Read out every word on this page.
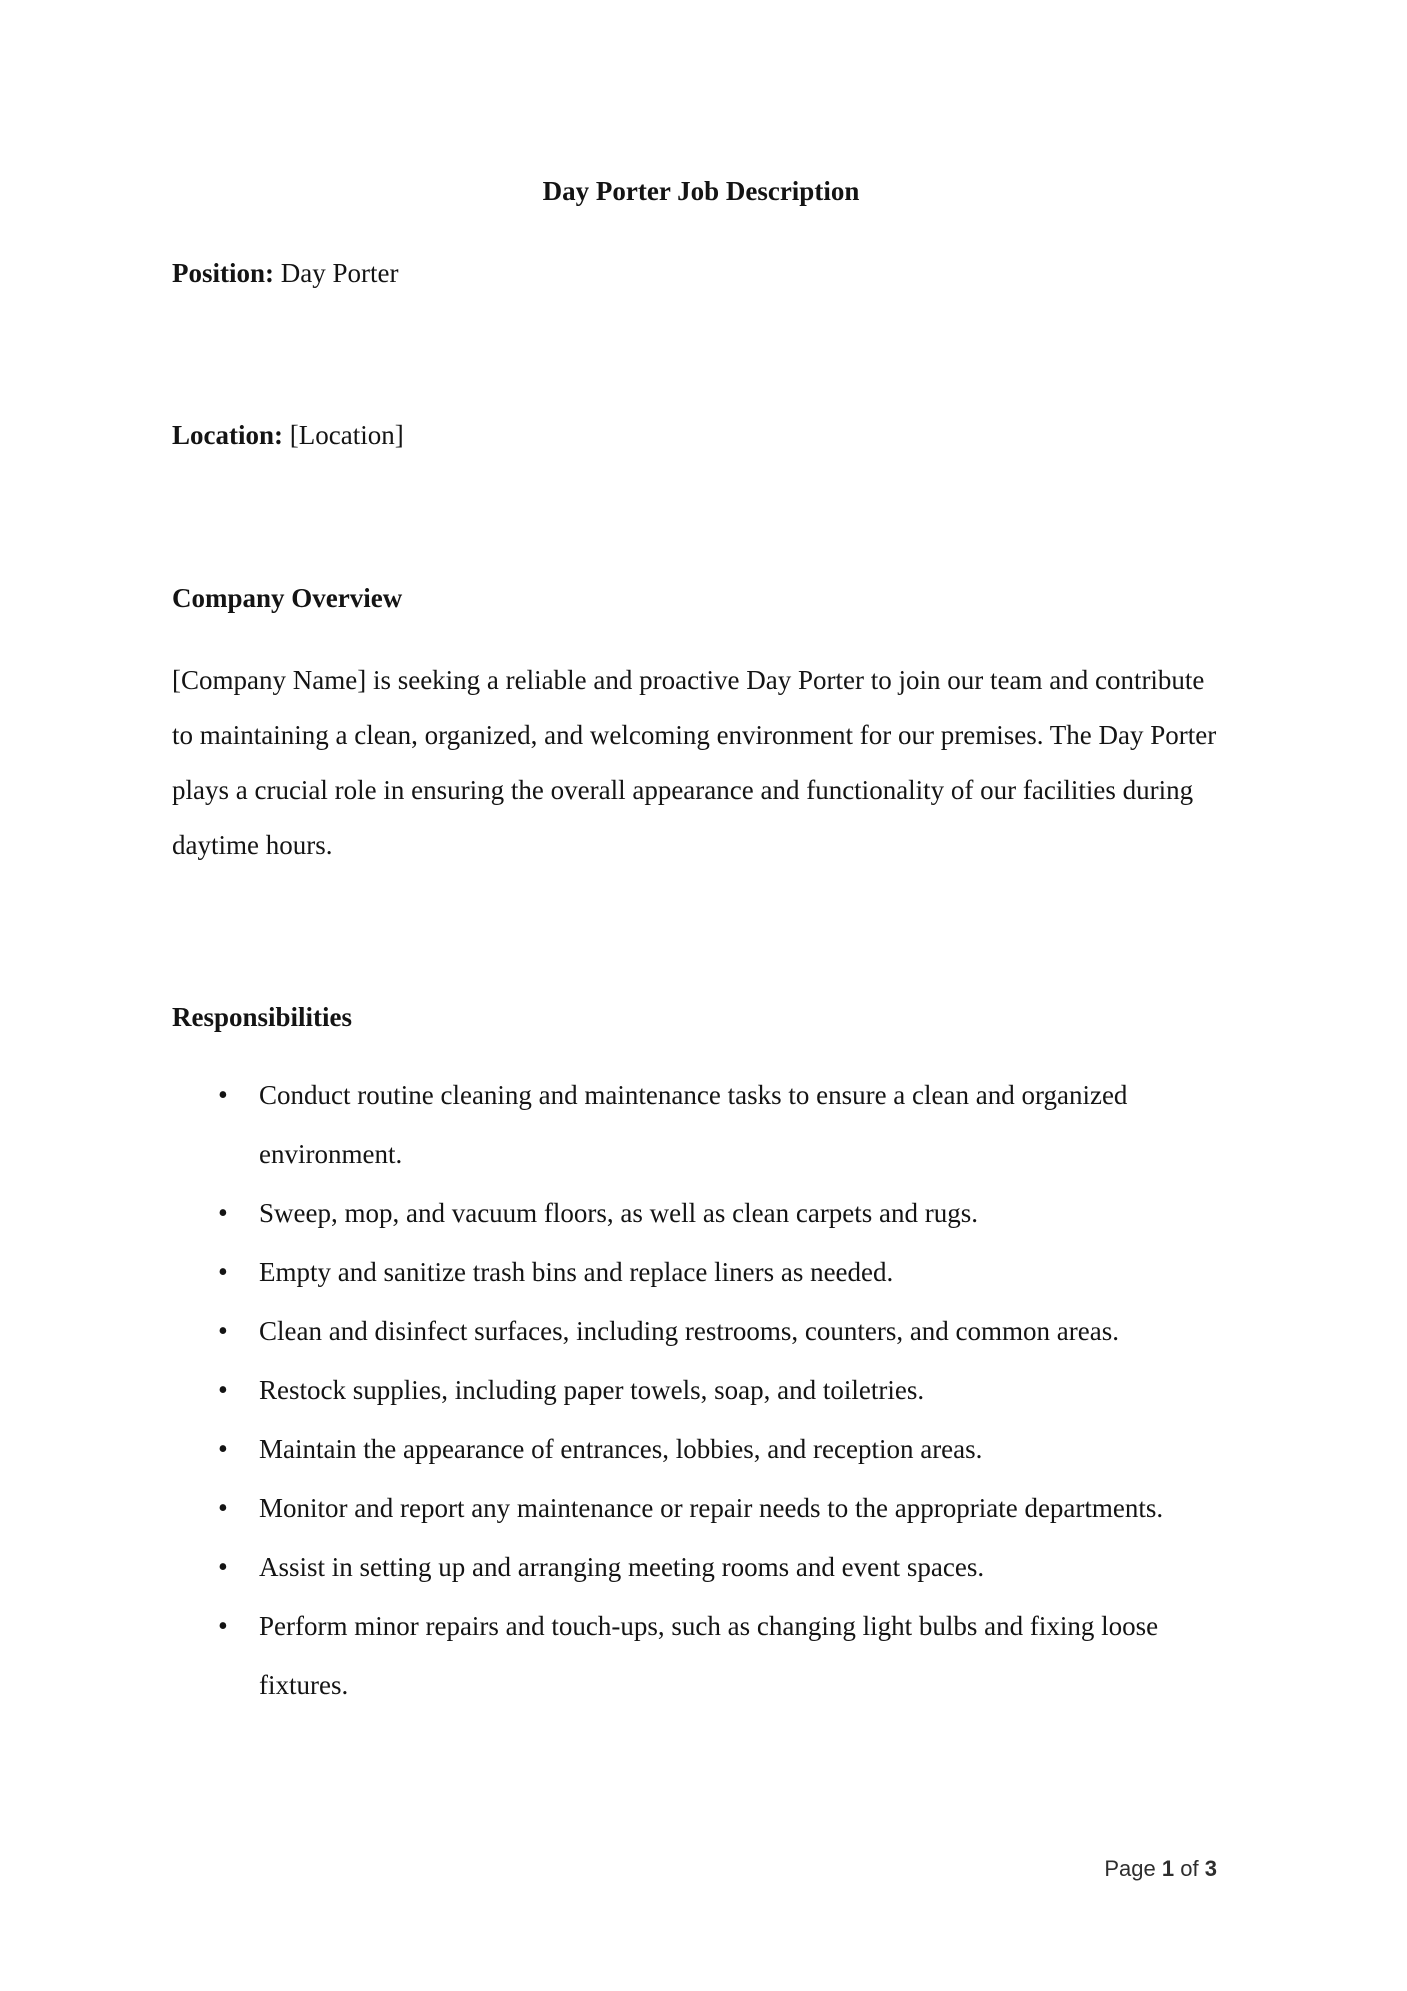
Day Porter Job Description

Position: Day Porter

Location: [Location]

Company Overview

[Company Name] is seeking a reliable and proactive Day Porter to join our team and contribute to maintaining a clean, organized, and welcoming environment for our premises. The Day Porter plays a crucial role in ensuring the overall appearance and functionality of our facilities during daytime hours.

Responsibilities
• Conduct routine cleaning and maintenance tasks to ensure a clean and organized environment.
• Sweep, mop, and vacuum floors, as well as clean carpets and rugs.
• Empty and sanitize trash bins and replace liners as needed.
• Clean and disinfect surfaces, including restrooms, counters, and common areas.
• Restock supplies, including paper towels, soap, and toiletries.
• Maintain the appearance of entrances, lobbies, and reception areas.
• Monitor and report any maintenance or repair needs to the appropriate departments.
• Assist in setting up and arranging meeting rooms and event spaces.
• Perform minor repairs and touch-ups, such as changing light bulbs and fixing loose fixtures.
Page 1 of 3
